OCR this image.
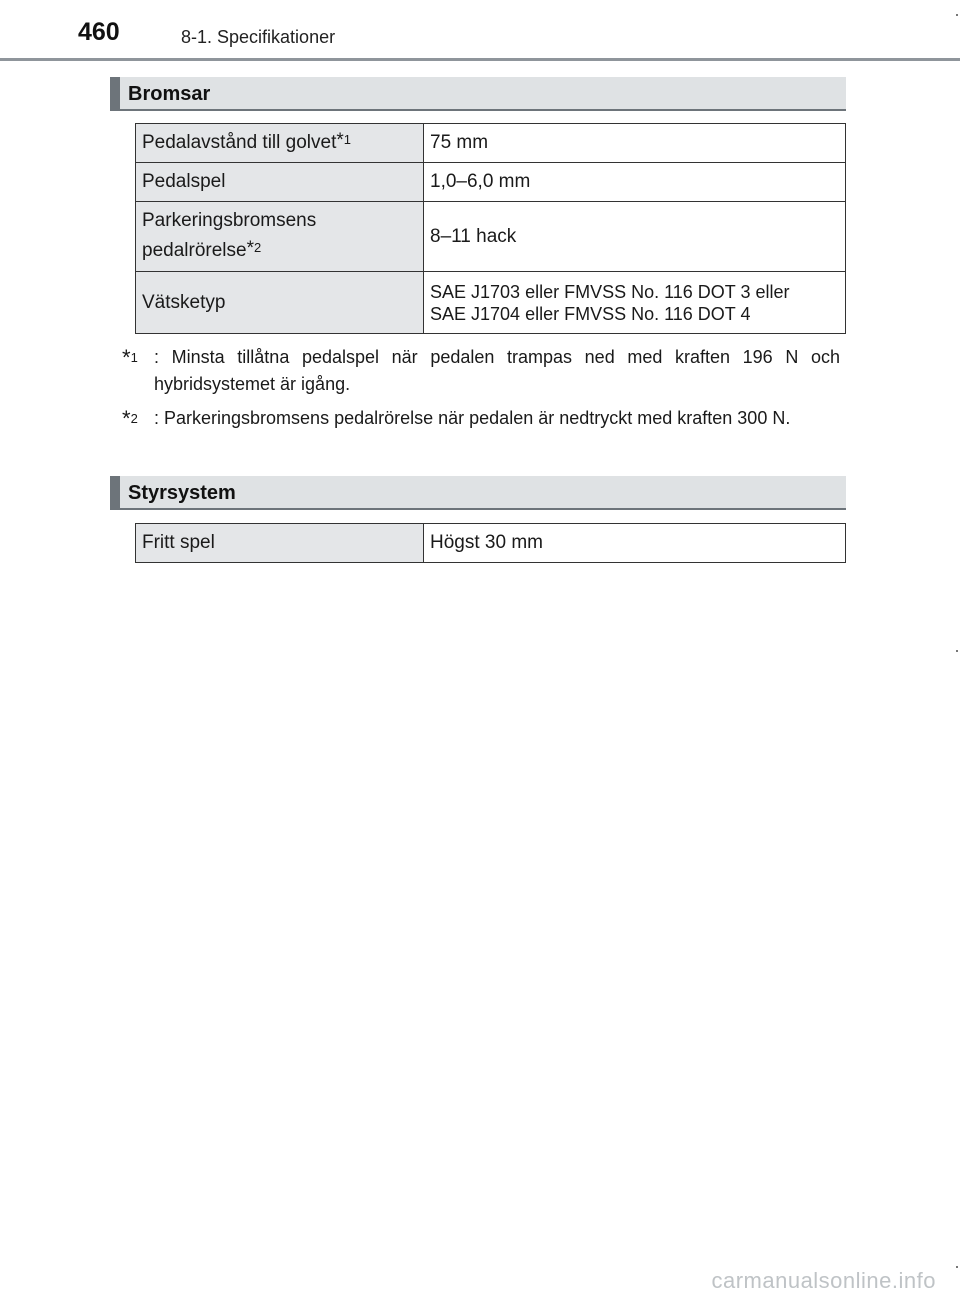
460	8-1. Specifikationer
Bromsar
Pedalavstånd till golvet$^{*1}$	75 mm
Pedalspel	1,0–6,0 mm
Parkeringsbromsens
pedalrörelse$^{*2}$	8–11 hack
Vätsketyp	SAE J1703 eller FMVSS No. 116 DOT 3 eller
SAE J1704 eller FMVSS No. 116 DOT 4
*$^1$ : Minsta tillåtna pedalspel när pedalen trampas ned med kraften 196 N och hybridsystemet är igång.
*$^2$ : Parkeringsbromsens pedalrörelse när pedalen är nedtryckt med kraften 300 N.
Styrsystem
Fritt spel	Högst 30 mm
carmanualsonline.info
